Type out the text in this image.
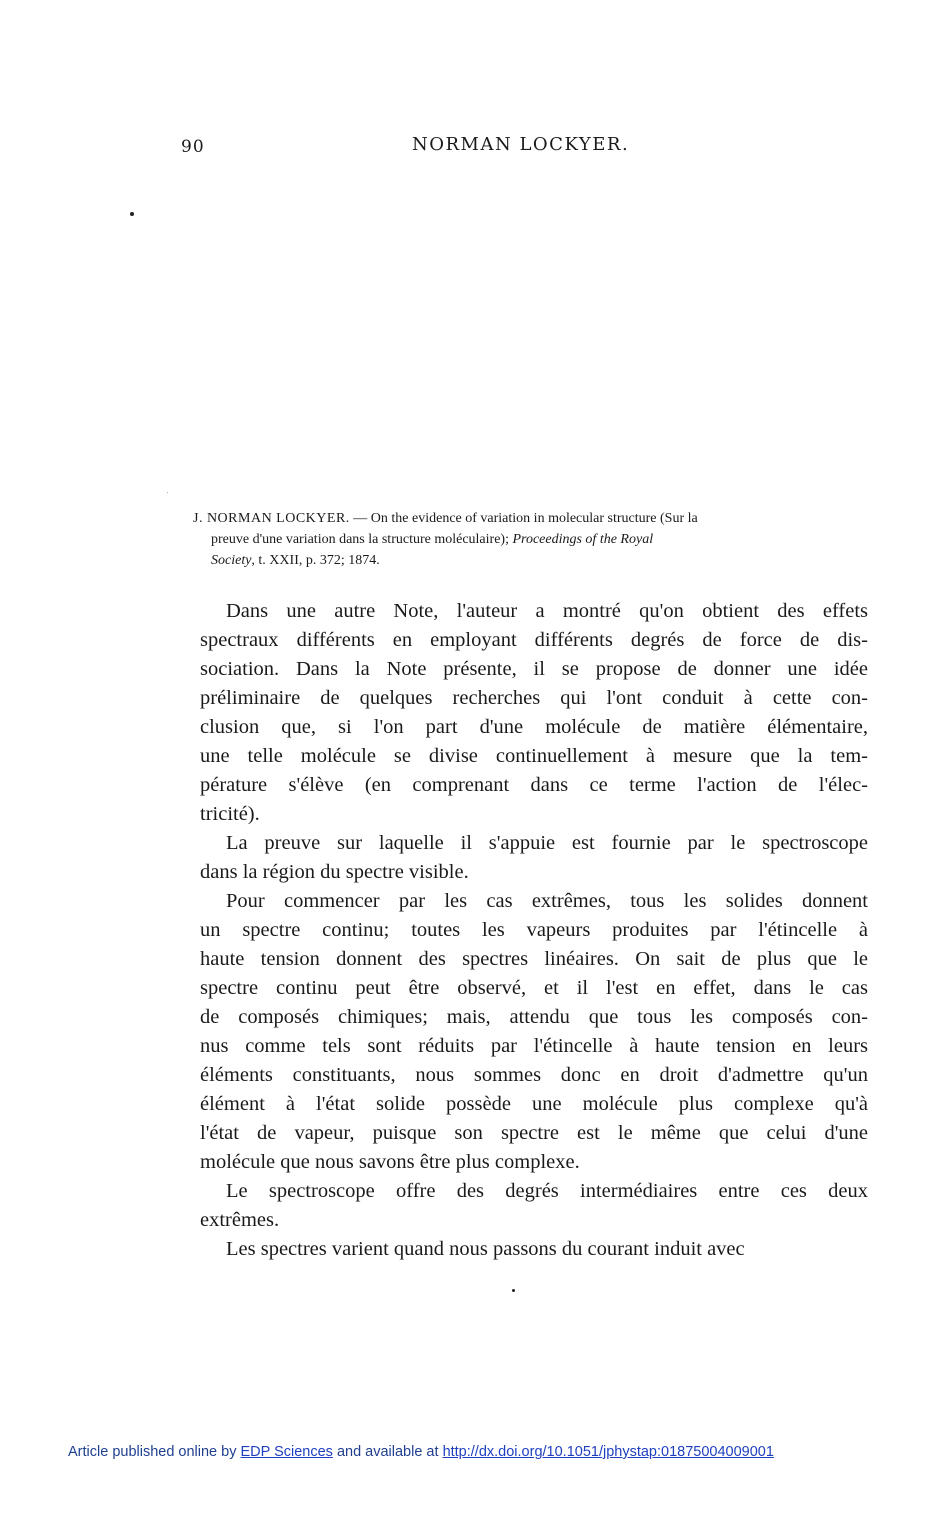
90	NORMAN LOCKYER.
J. NORMAN LOCKYER. — On the evidence of variation in molecular structure (Sur la
preuve d'une variation dans la structure moléculaire); Proceedings of the Royal
Society, t. XXII, p. 372; 1874.

Dans une autre Note, l'auteur a montré qu'on obtient des effets
spectraux différents en employant différents degrés de force de dis-
sociation. Dans la Note présente, il se propose de donner une idée
préliminaire de quelques recherches qui l'ont conduit à cette con-
clusion que, si l'on part d'une molécule de matière élémentaire,
une telle molécule se divise continuellement à mesure que la tem-
pérature s'élève (en comprenant dans ce terme l'action de l'élec-
tricité).

La preuve sur laquelle il s'appuie est fournie par le spectroscope
dans la région du spectre visible.

Pour commencer par les cas extrêmes, tous les solides donnent
un spectre continu; toutes les vapeurs produites par l'étincelle à
haute tension donnent des spectres linéaires. On sait de plus que le
spectre continu peut être observé, et il l'est en effet, dans le cas
de composés chimiques; mais, attendu que tous les composés con-
nus comme tels sont réduits par l'étincelle à haute tension en leurs
éléments constituants, nous sommes donc en droit d'admettre qu'un
élément à l'état solide possède une molécule plus complexe qu'à
l'état de vapeur, puisque son spectre est le même que celui d'une
molécule que nous savons être plus complexe.

Le spectroscope offre des degrés intermédiaires entre ces deux
extrêmes.

Les spectres varient quand nous passons du courant induit avec

Article published online by EDP Sciences and available at http://dx.doi.org/10.1051/jphystap:01875004009001
